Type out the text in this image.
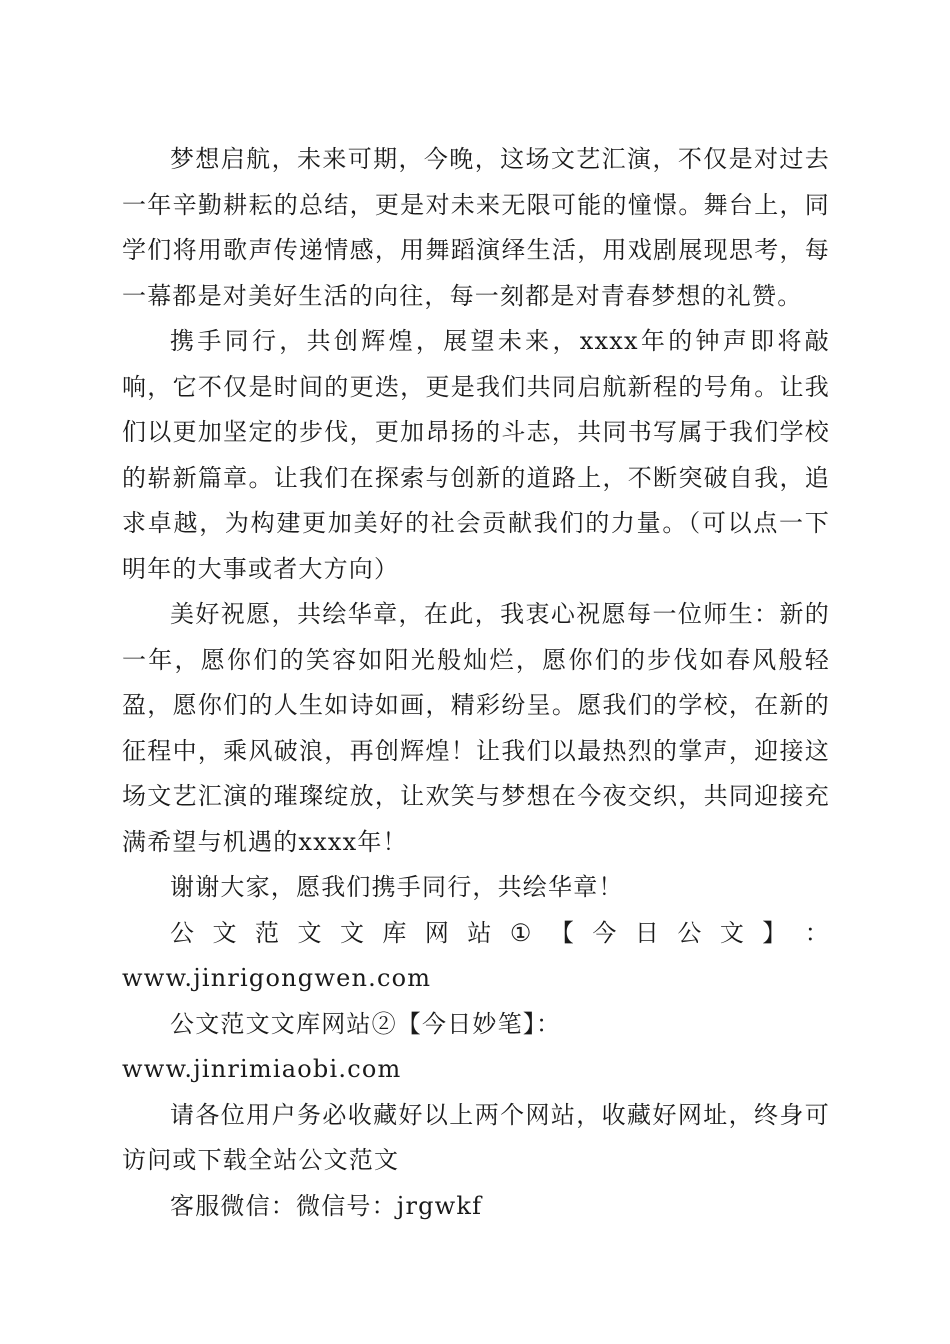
梦想启航，未来可期，今晚，这场文艺汇演，不仅是对过去一年辛勤耕耘的总结，更是对未来无限可能的憧憬。舞台上，同学们将用歌声传递情感，用舞蹈演绎生活，用戏剧展现思考，每一幕都是对美好生活的向往，每一刻都是对青春梦想的礼赞。

携手同行，共创辉煌，展望未来，xxxx年的钟声即将敲响，它不仅是时间的更迭，更是我们共同启航新程的号角。让我们以更加坚定的步伐，更加昂扬的斗志，共同书写属于我们学校的崭新篇章。让我们在探索与创新的道路上，不断突破自我，追求卓越，为构建更加美好的社会贡献我们的力量。（可以点一下明年的大事或者大方向）

美好祝愿，共绘华章，在此，我衷心祝愿每一位师生：新的一年，愿你们的笑容如阳光般灿烂，愿你们的步伐如春风般轻盈，愿你们的人生如诗如画，精彩纷呈。愿我们的学校，在新的征程中，乘风破浪，再创辉煌！让我们以最热烈的掌声，迎接这场文艺汇演的璀璨绽放，让欢笑与梦想在今夜交织，共同迎接充满希望与机遇的xxxx年！

谢谢大家，愿我们携手同行，共绘华章！

公 文 范 文 文 库 网 站 ① 【 今 日 公 文 】 ：
www.jinrigongwen.com

公文范文文库网站②【今日妙笔】：www.jinrimiaobi.com

请各位用户务必收藏好以上两个网站，收藏好网址，终身可访问或下载全站公文范文

客服微信：微信号：jrgwkf
